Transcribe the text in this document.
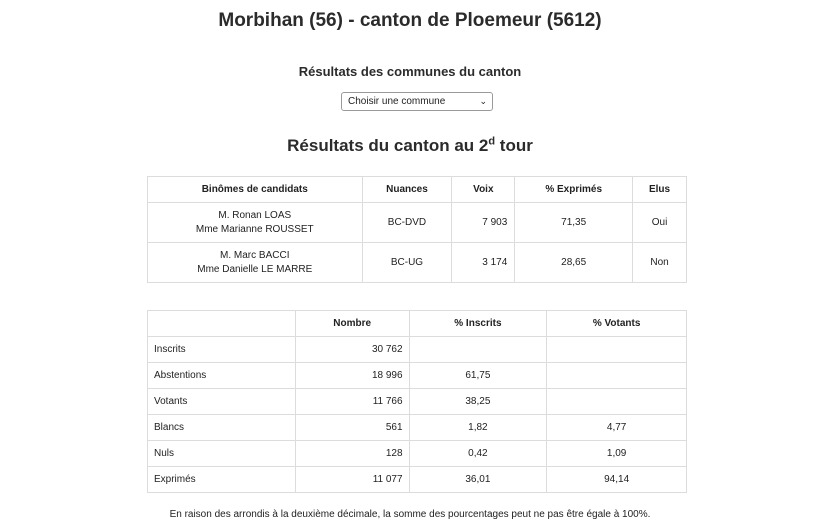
Morbihan (56) - canton de Ploemeur (5612)
Résultats des communes du canton
Choisir une commune	⌄
Résultats du canton au 2$^d$ tour
Binômes de candidats	Nuances	Voix	% Exprimés	Elus

M. Ronan LOAS
Mme Marianne ROUSSET	BC-DVD	7 903	71,35	Oui

M. Marc BACCI
Mme Danielle LE MARRE	BC-UG	3 174	28,65	Non
	Nombre	% Inscrits	% Votants
Inscrits	30 762		
Abstentions	18 996	61,75	
Votants	11 766	38,25	
Blancs	561	1,82	4,77
Nuls	128	0,42	1,09
Exprimés	11 077	36,01	94,14
En raison des arrondis à la deuxième décimale, la somme des pourcentages peut ne pas être égale à 100%.
